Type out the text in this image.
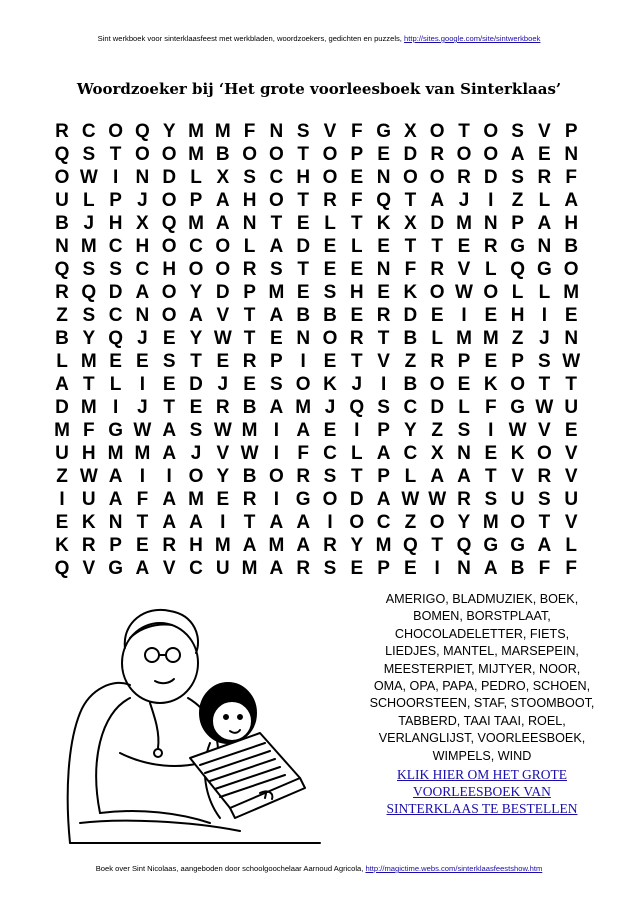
Sint werkboek voor sinterklaasfeest met werkbladen, woordzoekers, gedichten en puzzels, http://sites.google.com/site/sintwerkboek
Woordzoeker bij ‘Het grote voorleesboek van Sinterklaas’
R C O Q Y M M F N S V F G X O T O S V P
Q S T O O M B O O T O P E D R O O A E N
O W I N D L X S C H O E N O O R D S R F
U L P J O P A H O T R F Q T A J I Z L A
B J H X Q M A N T E L T K X D M N P A H
N M C H O C O L A D E L E T T E R G N B
Q S S C H O O R S T E E N F R V L Q G O
R Q D A O Y D P M E S H E K O W O L L M
Z S C N O A V T A B B E R D E I E H I E
B Y Q J E Y W T E N O R T B L M M Z J N
L M E E S T E R P I E T V Z R P E P S W
A T L I E D J E S O K J I B O E K O T T
D M I J T E R B A M J Q S C D L F G W U
M F G W A S W M I A E I P Y Z S I W V E
U H M M A J V W I F C L A C X N E K O V
Z W A I	I O Y B O R S T P L A A T V R V
I U A F A M E R I G O D A W W R S U S U
E K N T A A I T A A I O C Z O Y M O T V
K R P E R H M A M A R Y M Q T Q G G A L
Q V G A V C U M A R S E P E I N A B F F
AMERIGO, BLADMUZIEK, BOEK, BOMEN, BORSTPLAAT, CHOCOLADELETTER, FIETS, LIEDJES, MANTEL, MARSEPEIN, MEESTERPIET, MIJTYER, NOOR, OMA, OPA, PAPA, PEDRO, SCHOEN, SCHOORSTEEN, STAF, STOOMBOOT, TABBERD, TAAI TAAI, ROEL, VERLANGLIJST, VOORLEESBOEK, WIMPELS, WIND
KLIK HIER OM HET GROTE VOORLEESBOEK VAN SINTERKLAAS TE BESTELLEN
Boek over Sint Nicolaas, aangeboden door schoolgoochelaar Aarnoud Agricola, http://magictime.webs.com/sinterklaasfeestshow.htm
